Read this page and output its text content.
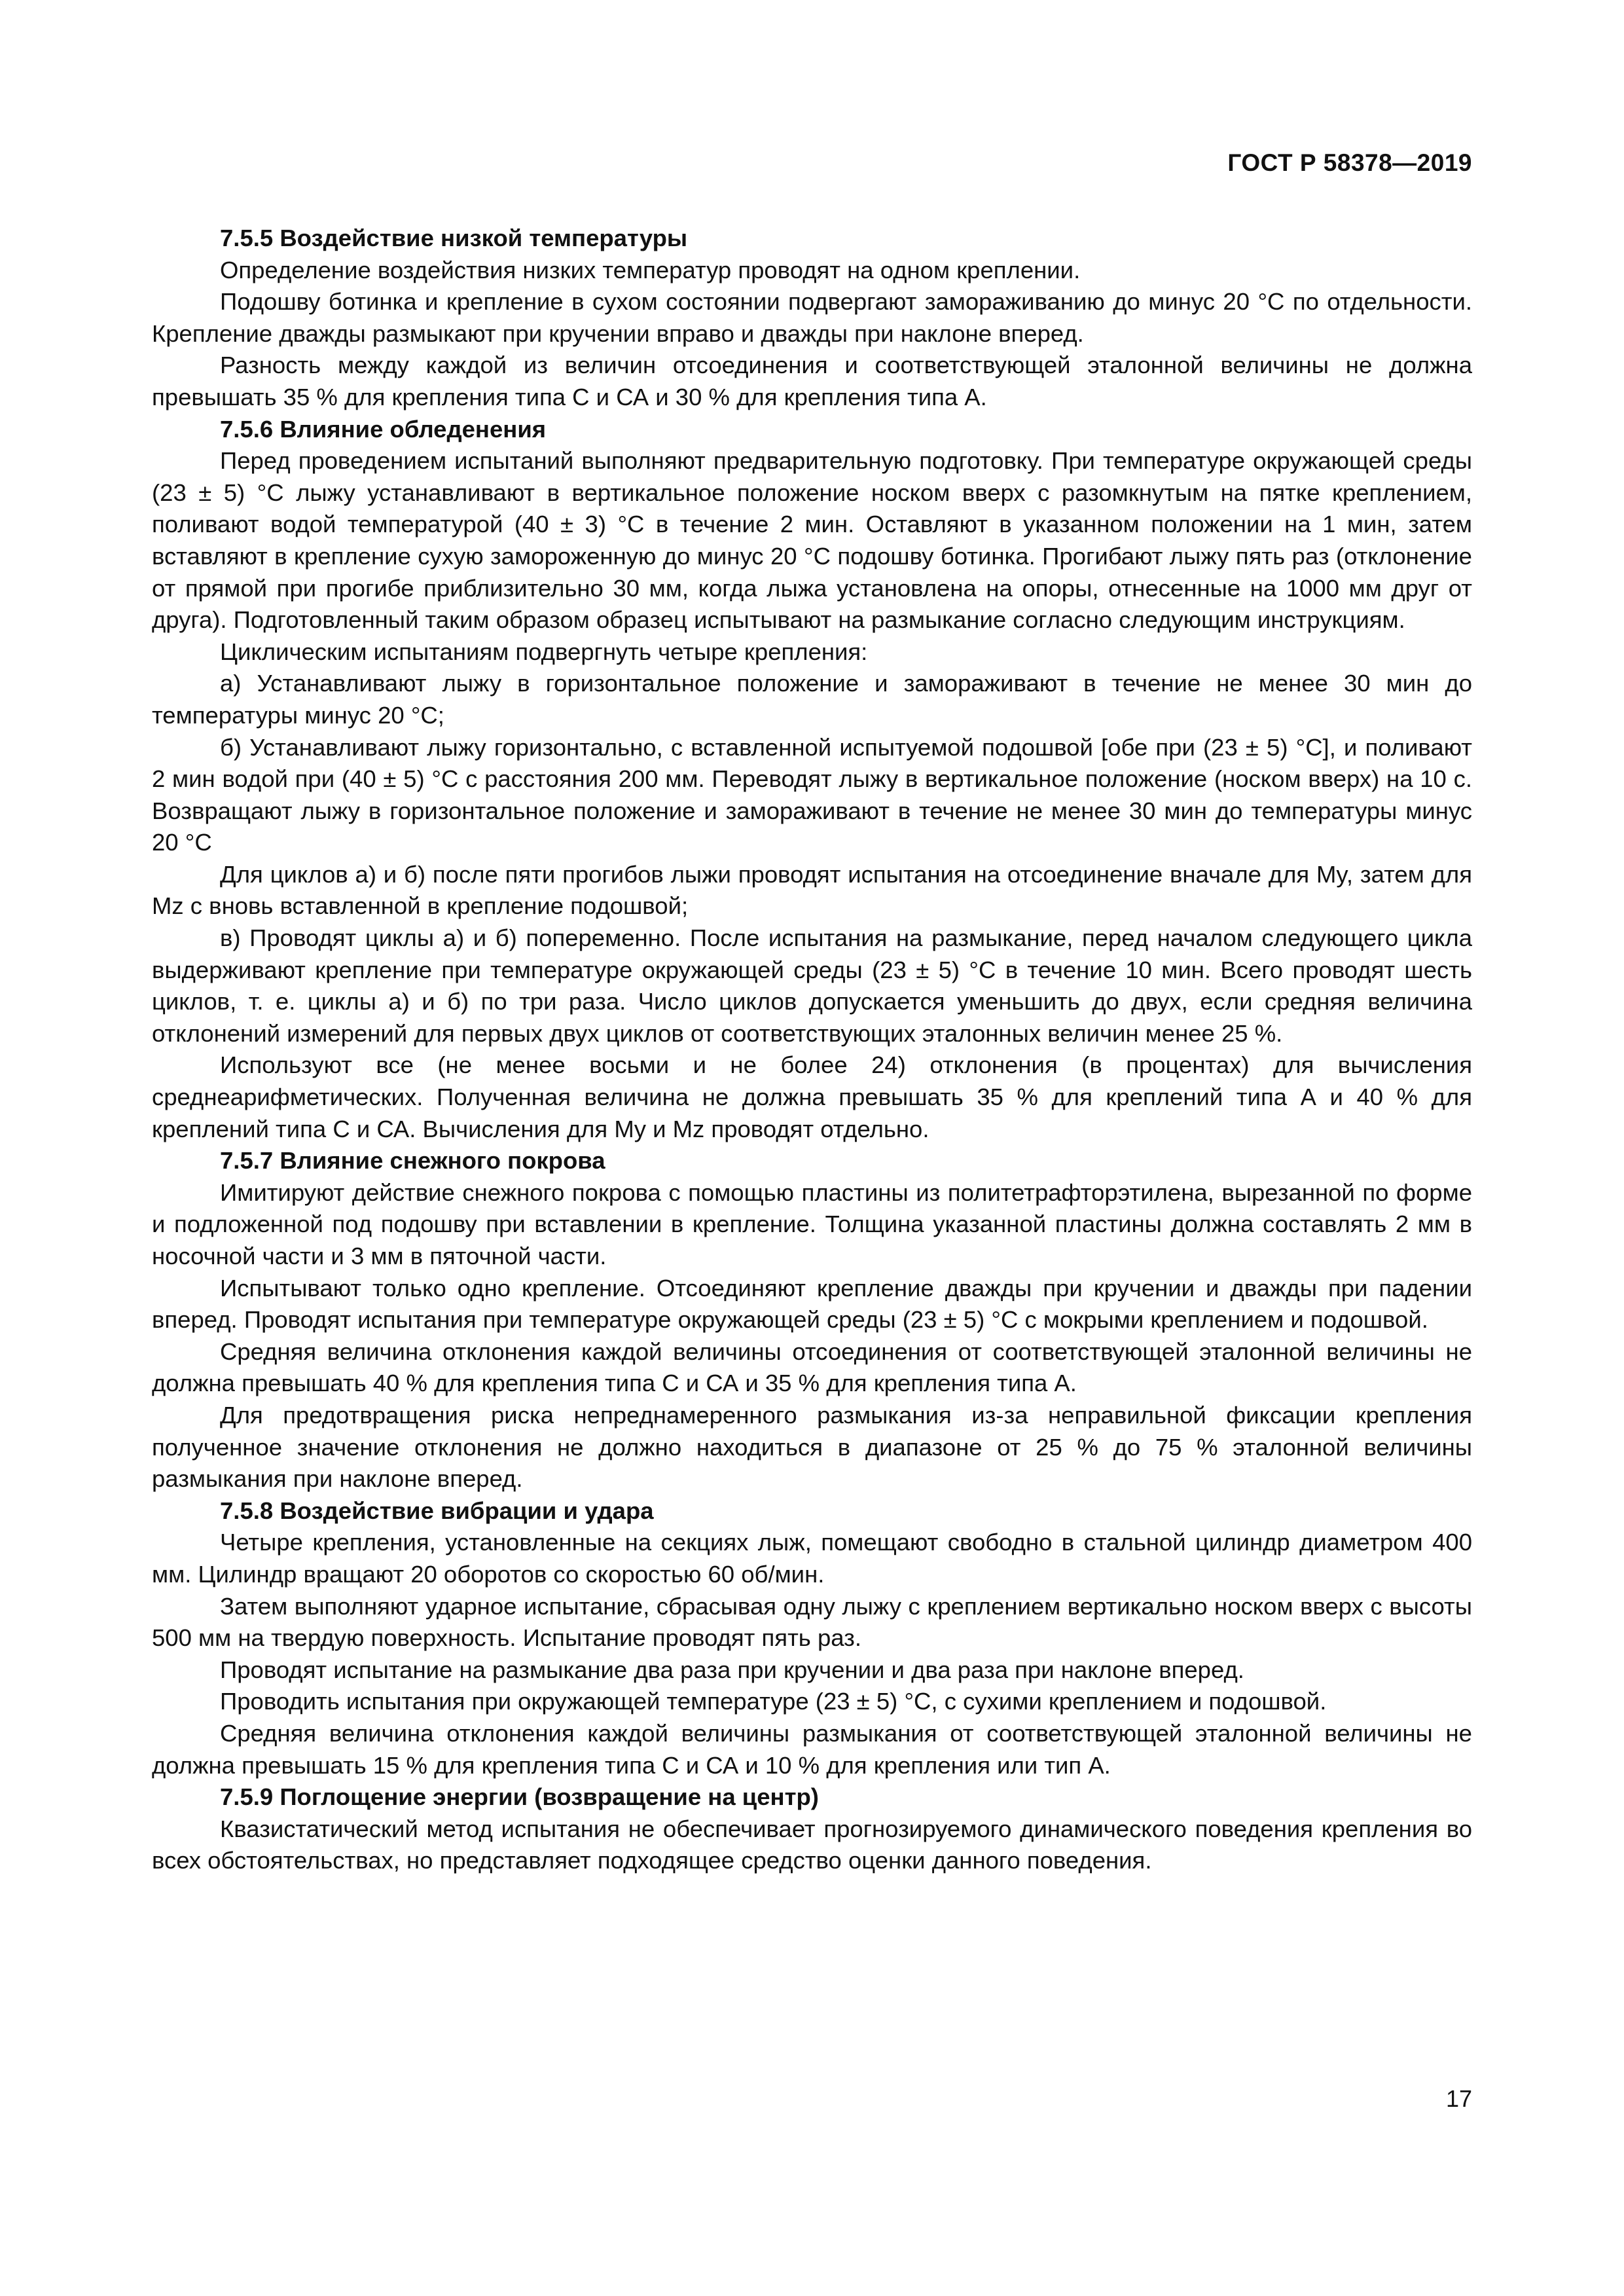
ГОСТ Р 58378—2019
7.5.5 Воздействие низкой температуры

Определение воздействия низких температур проводят на одном креплении.

Подошву ботинка и крепление в сухом состоянии подвергают замораживанию до минус 20 °С по отдельности. Крепление дважды размыкают при кручении вправо и дважды при наклоне вперед.

Разность между каждой из величин отсоединения и соответствующей эталонной величины не должна превышать 35 % для крепления типа С и СА и 30 % для крепления типа А.

7.5.6 Влияние обледенения

Перед проведением испытаний выполняют предварительную подготовку. При температуре окружающей среды (23 ± 5) °С лыжу устанавливают в вертикальное положение носком вверх с разомкнутым на пятке креплением, поливают водой температурой (40 ± 3) °С в течение 2 мин. Оставляют в указанном положении на 1 мин, затем вставляют в крепление сухую замороженную до минус 20 °С подошву ботинка. Прогибают лыжу пять раз (отклонение от прямой при прогибе приблизительно 30 мм, когда лыжа установлена на опоры, отнесенные на 1000 мм друг от друга). Подготовленный таким образом образец испытывают на размыкание согласно следующим инструкциям.

Циклическим испытаниям подвергнуть четыре крепления:

а) Устанавливают лыжу в горизонтальное положение и замораживают в течение не менее 30 мин до температуры минус 20 °С;

б) Устанавливают лыжу горизонтально, с вставленной испытуемой подошвой [обе при (23 ± 5) °С], и поливают 2 мин водой при (40 ± 5) °С с расстояния 200 мм. Переводят лыжу в вертикальное положение (носком вверх) на 10 с. Возвращают лыжу в горизонтальное положение и замораживают в течение не менее 30 мин до температуры минус 20 °С

Для циклов а) и б) после пяти прогибов лыжи проводят испытания на отсоединение вначале для My, затем для Mz с вновь вставленной в крепление подошвой;

в) Проводят циклы а) и б) попеременно. После испытания на размыкание, перед началом следующего цикла выдерживают крепление при температуре окружающей среды (23 ± 5) °С в течение 10 мин. Всего проводят шесть циклов, т. е. циклы а) и б) по три раза. Число циклов допускается уменьшить до двух, если средняя величина отклонений измерений для первых двух циклов от соответствующих эталонных величин менее 25 %.

Используют все (не менее восьми и не более 24) отклонения (в процентах) для вычисления среднеарифметических. Полученная величина не должна превышать 35 % для креплений типа А и 40 % для креплений типа С и СА. Вычисления для My и Mz проводят отдельно.

7.5.7 Влияние снежного покрова

Имитируют действие снежного покрова с помощью пластины из политетрафторэтилена, вырезанной по форме и подложенной под подошву при вставлении в крепление. Толщина указанной пластины должна составлять 2 мм в носочной части и 3 мм в пяточной части.

Испытывают только одно крепление. Отсоединяют крепление дважды при кручении и дважды при падении вперед. Проводят испытания при температуре окружающей среды (23 ± 5) °С с мокрыми креплением и подошвой.

Средняя величина отклонения каждой величины отсоединения от соответствующей эталонной величины не должна превышать 40 % для крепления типа С и СА и 35 % для крепления типа А.

Для предотвращения риска непреднамеренного размыкания из-за неправильной фиксации крепления полученное значение отклонения не должно находиться в диапазоне от 25 % до 75 % эталонной величины размыкания при наклоне вперед.

7.5.8 Воздействие вибрации и удара

Четыре крепления, установленные на секциях лыж, помещают свободно в стальной цилиндр диаметром 400 мм. Цилиндр вращают 20 оборотов со скоростью 60 об/мин.

Затем выполняют ударное испытание, сбрасывая одну лыжу с креплением вертикально носком вверх с высоты 500 мм на твердую поверхность. Испытание проводят пять раз.

Проводят испытание на размыкание два раза при кручении и два раза при наклоне вперед.

Проводить испытания при окружающей температуре (23 ± 5) °С, с сухими креплением и подошвой.

Средняя величина отклонения каждой величины размыкания от соответствующей эталонной величины не должна превышать 15 % для крепления типа С и СА и 10 % для крепления или тип А.

7.5.9 Поглощение энергии (возвращение на центр)

Квазистатический метод испытания не обеспечивает прогнозируемого динамического поведения крепления во всех обстоятельствах, но представляет подходящее средство оценки данного поведения.

17
